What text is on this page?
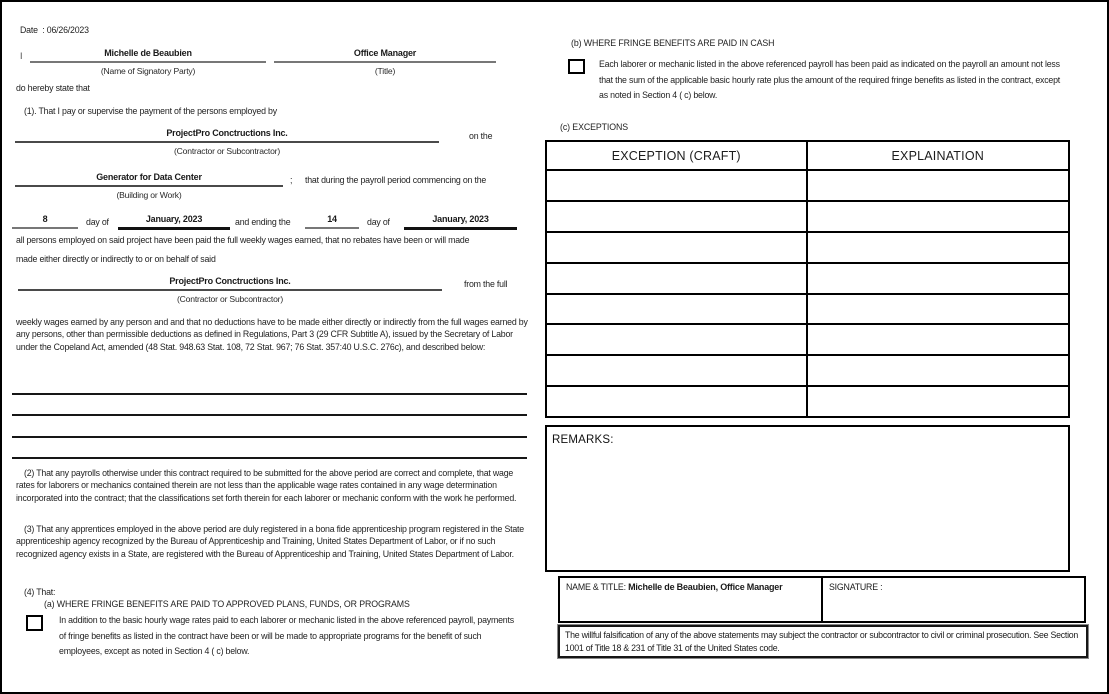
Date  : 06/26/2023
I	Michelle de Beaubien
(Name of Signatory Party)
Office Manager
(Title)
do hereby state that
(1). That I pay or supervise the payment of the persons employed by
ProjectPro Conctructions Inc.
(Contractor or Subcontractor)
on the
Generator for Data Center
(Building or Work)
; that during the payroll period commencing on the
8	day of	January, 2023	and ending the	14	day of	January, 2023
all persons employed on said project have been paid the full weekly wages earned, that no rebates have been or will made
made either directly or indirectly to or on behalf of said
ProjectPro Conctructions Inc.
(Contractor or Subcontractor)
from the full
weekly wages earned by any person and and that no deductions have to be made either directly or indirectly from the full wages earned by any persons, other than permissible deductions as defined in Regulations, Part 3 (29 CFR Subtitle A), issued by the Secretary of Labor under the Copeland Act, amended (48 Stat. 948.63 Stat. 108, 72 Stat. 967; 76 Stat. 357:40 U.S.C. 276c), and described below:
(2) That any payrolls otherwise under this contract required to be submitted for the above period are correct and complete, that wage rates for laborers or mechanics contained therein are not less than the applicable wage rates contained in any wage determination incorporated into the contract; that the classifications set forth therein for each laborer or mechanic conform with the work he performed.
(3) That any apprentices employed in the above period are duly registered in a bona fide apprenticeship program registered in the State apprenticeship agency recognized by the Bureau of Apprenticeship and Training, United States Department of Labor, or if no such recognized agency exists in a State, are registered with the Bureau of Apprenticeship and Training, United States Department of Labor.
(4) That:
(a) WHERE FRINGE BENEFITS ARE PAID TO APPROVED PLANS, FUNDS, OR PROGRAMS
In addition to the basic hourly wage rates paid to each laborer or mechanic listed in the above referenced payroll, payments of fringe benefits as listed in the contract have been or will be made to appropriate programs for the benefit of such employees, except as noted in Section 4 ( c) below.
(b) WHERE FRINGE BENEFITS ARE PAID IN CASH
Each laborer or mechanic listed in the above referenced payroll has been paid as indicated on the payroll an amount not less that the sum of the applicable basic hourly rate plus the amount of the required fringe benefits as listed in the contract, except as noted in Section 4 ( c) below.
(c) EXCEPTIONS
EXCEPTION (CRAFT)	EXPLAINATION
REMARKS:
NAME & TITLE: Michelle de Beaubien, Office Manager	SIGNATURE :
The willful falsification of any of the above statements may subject the contractor or subcontractor to civil or criminal prosecution. See Section 1001 of Title 18 & 231 of Title 31 of the United States code.
